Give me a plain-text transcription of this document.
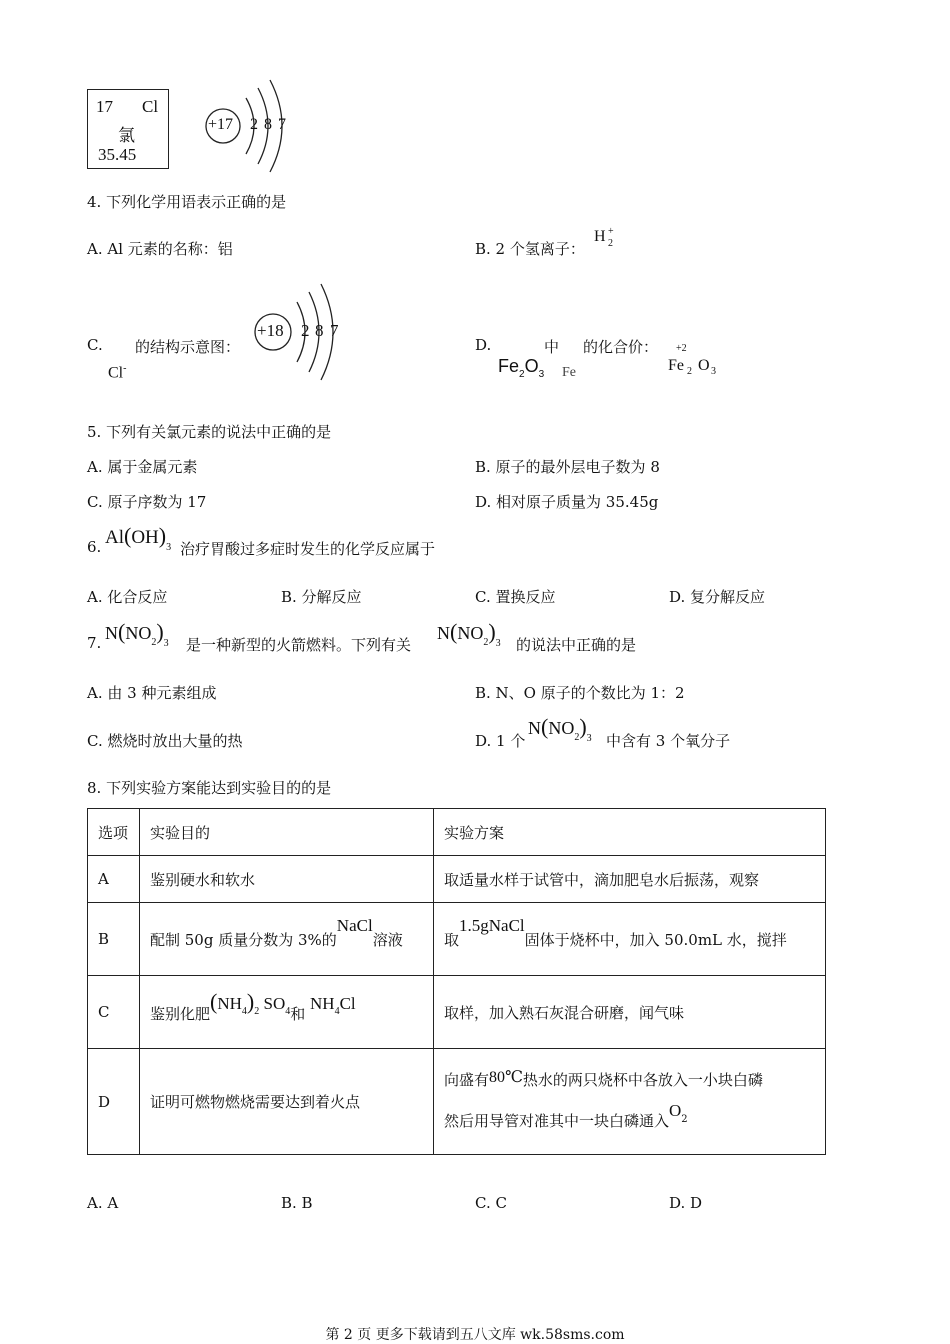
17 Cl
氯
35.45
+17 2 8 7
4. 下列化学用语表示正确的是
A. Al 元素的名称：铝	B. 2 个氢离子：
H +
2
C. 的结构示意图：
Cl-
+18 2 8 7
D.	中 的化合价：
$Fe_2O_3$ Fe
+2
Fe 2 O 3
5. 下列有关氯元素的说法中正确的是
A. 属于金属元素	B. 原子的最外层电子数为 8
C. 原子序数为 17	D. 相对原子质量为 35.45g
6. $Al(OH)_3$ 治疗胃酸过多症时发生的化学反应属于
A. 化合反应	B. 分解反应	C. 置换反应	D. 复分解反应
7. $N(NO_2)_3$ 是一种新型的火箭燃料。下列有关
$N(NO_2)_3$ 的说法中正确的是
A. 由 3 种元素组成	B. N、O 原子的个数比为 1：2
C. 燃烧时放出大量的热	D. 1 个
$N(NO_2)_3$ 中含有 3 个氧分子
8. 下列实验方案能达到实验目的的是
选项	实验目的	实验方案
A	鉴别硬水和软水	取适量水样于试管中，滴加肥皂水后振荡，观察
B	配制 50g 质量分数为 3%的NaCl溶液	取1.5gNaCl固体于烧杯中，加入 50.0mL 水，搅拌
C	鉴别化肥$(NH_4)_2$ $SO_4$和 $NH_4Cl$	取样，加入熟石灰混合研磨，闻气味
D	证明可燃物燃烧需要达到着火点	向盛有80℃热水的两只烧杯中各放入一小块白磷
然后用导管对准其中一块白磷通入$O^2$
A. A	B. B	C. C	D. D
第 2 页 更多下载请到五八文库 wk.58sms.com
